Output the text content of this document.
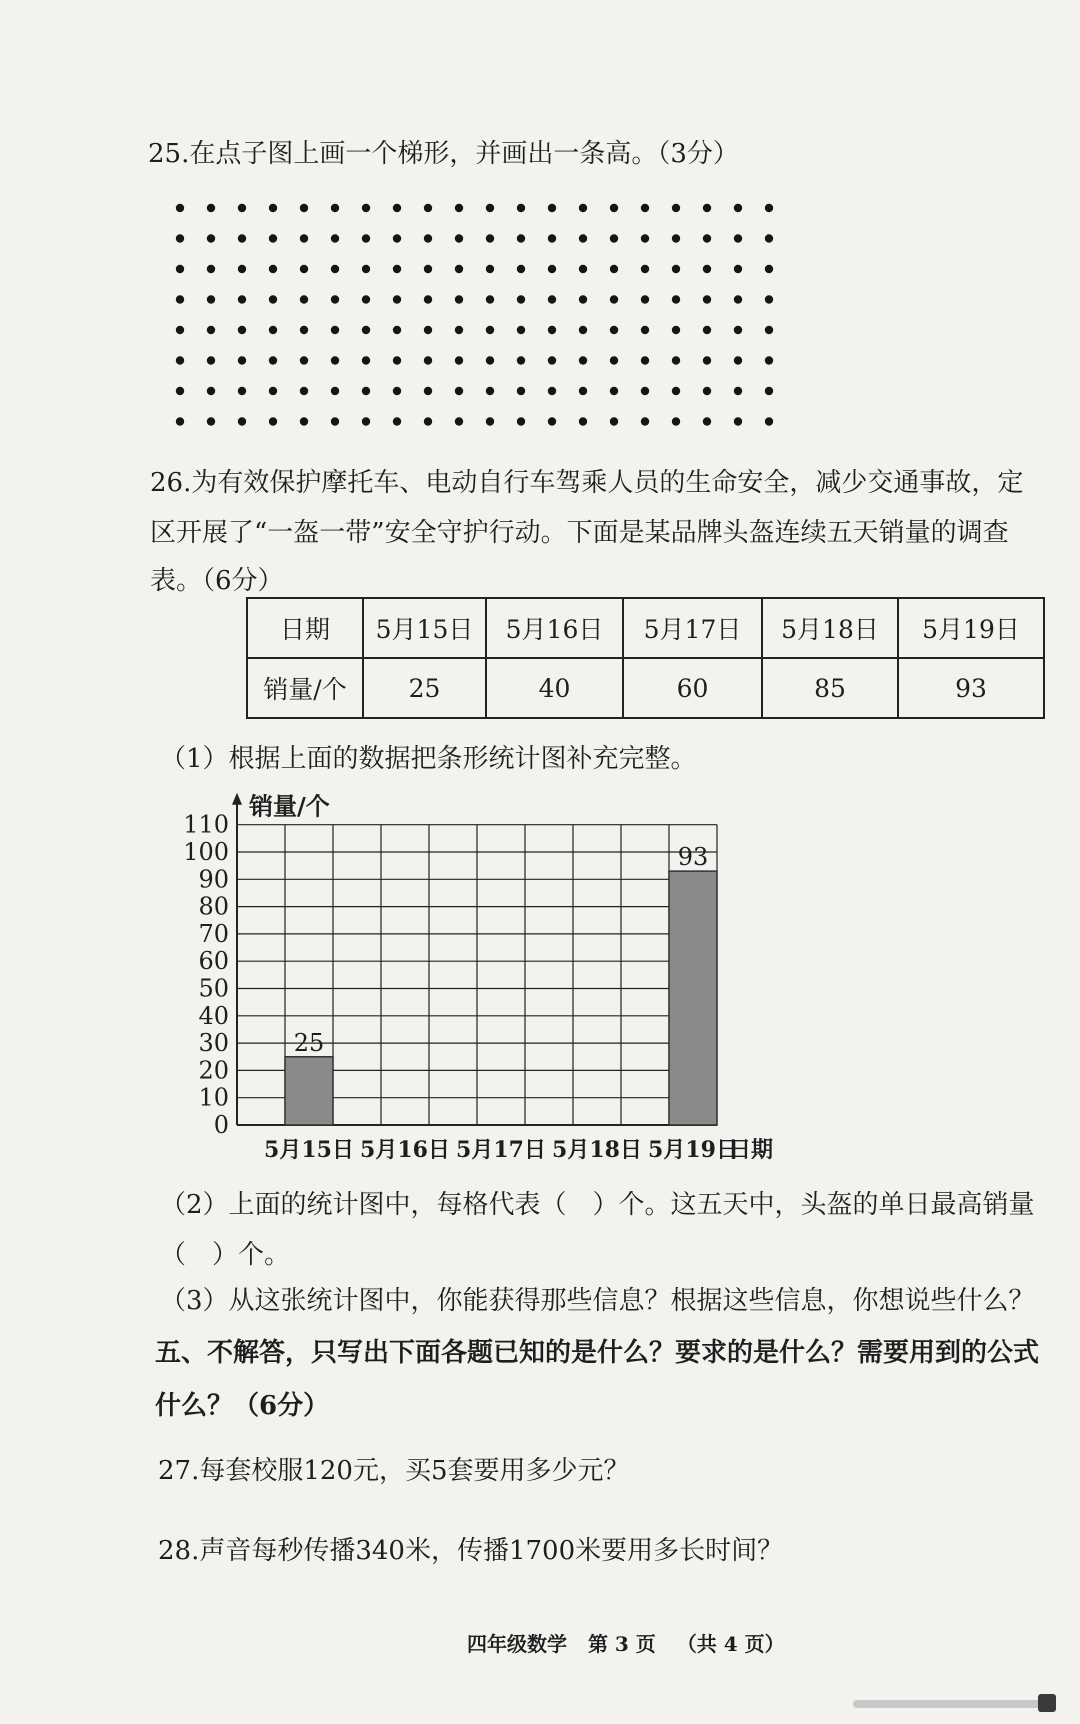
25.在点子图上画一个梯形，并画出一条高。（3分）
26.为有效保护摩托车、电动自行车驾乘人员的生命安全，减少交通事故，定
区开展了“一盔一带”安全守护行动。下面是某品牌头盔连续五天销量的调查
表。（6分）
日期	5月15日	5月16日	5月17日	5月18日	5月19日
销量/个	25	40	60	85	93
（1）根据上面的数据把条形统计图补充完整。
0
10
20
30
40
50
60
70
80
90
100
110
销量/个
5月15日
25
5月16日 5月17日 5月18日 5月19日
93
日期
（2）上面的统计图中，每格代表（　）个。这五天中，头盔的单日最高销量
（　）个。
（3）从这张统计图中，你能获得那些信息？根据这些信息，你想说些什么？
五、不解答，只写出下面各题已知的是什么？要求的是什么？需要用到的公式
什么？（6分）
27.每套校服120元，买5套要用多少元？
28.声音每秒传播340米，传播1700米要用多长时间？
四年级数学 第 3 页 （共 4 页）
